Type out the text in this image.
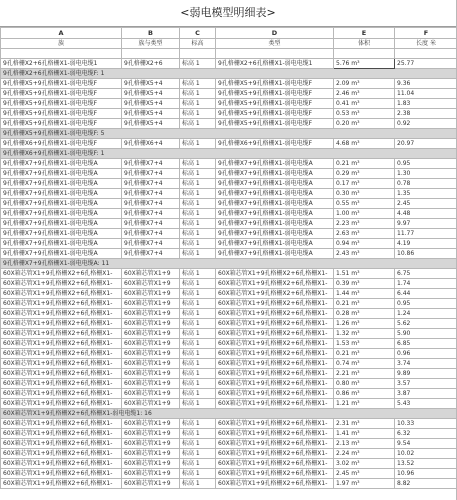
<弱电模型明细表>
A	B	C	D	E	F
族	族与类型	标高	类型	体积	长度 米

9孔格栅X2+6孔格栅X1-弱电电缆1	9孔格栅X2+6	标高 1	9孔格栅X2+6孔格栅X1-弱电电缆1	5.76 m³	25.77
9孔格栅X2+6孔格栅X1-弱电电缆F: 1					
9孔格栅X5+9孔格栅X1-弱电电缆F	9孔格栅X5+4	标高 1	9孔格栅X5+9孔格栅X1-弱电电缆F	2.09 m³	9.36
9孔格栅X5+9孔格栅X1-弱电电缆F	9孔格栅X5+4	标高 1	9孔格栅X5+9孔格栅X1-弱电电缆F	2.46 m³	11.04
9孔格栅X5+9孔格栅X1-弱电电缆F	9孔格栅X5+4	标高 1	9孔格栅X5+9孔格栅X1-弱电电缆F	0.41 m³	1.83
9孔格栅X5+9孔格栅X1-弱电电缆F	9孔格栅X5+4	标高 1	9孔格栅X5+9孔格栅X1-弱电电缆F	0.53 m³	2.38
9孔格栅X5+9孔格栅X1-弱电电缆F	9孔格栅X5+4	标高 1	9孔格栅X5+9孔格栅X1-弱电电缆F	0.20 m³	0.92
9孔格栅X5+9孔格栅X1-弱电电缆F: 5					
9孔格栅X6+9孔格栅X1-弱电电缆F	9孔格栅X6+4	标高 1	9孔格栅X6+9孔格栅X1-弱电电缆F	4.68 m³	20.97
9孔格栅X6+9孔格栅X1-弱电电缆F: 1					
9孔格栅X7+9孔格栅X1-弱电电缆A	9孔格栅X7+4	标高 1	9孔格栅X7+9孔格栅X1-弱电电缆A	0.21 m³	0.95
9孔格栅X7+9孔格栅X1-弱电电缆A	9孔格栅X7+4	标高 1	9孔格栅X7+9孔格栅X1-弱电电缆A	0.29 m³	1.30
9孔格栅X7+9孔格栅X1-弱电电缆A	9孔格栅X7+4	标高 1	9孔格栅X7+9孔格栅X1-弱电电缆A	0.17 m³	0.78
9孔格栅X7+9孔格栅X1-弱电电缆A	9孔格栅X7+4	标高 1	9孔格栅X7+9孔格栅X1-弱电电缆A	0.30 m³	1.35
9孔格栅X7+9孔格栅X1-弱电电缆A	9孔格栅X7+4	标高 1	9孔格栅X7+9孔格栅X1-弱电电缆A	0.55 m³	2.45
9孔格栅X7+9孔格栅X1-弱电电缆A	9孔格栅X7+4	标高 1	9孔格栅X7+9孔格栅X1-弱电电缆A	1.00 m³	4.48
9孔格栅X7+9孔格栅X1-弱电电缆A	9孔格栅X7+4	标高 1	9孔格栅X7+9孔格栅X1-弱电电缆A	2.23 m³	9.97
9孔格栅X7+9孔格栅X1-弱电电缆A	9孔格栅X7+4	标高 1	9孔格栅X7+9孔格栅X1-弱电电缆A	2.63 m³	11.77
9孔格栅X7+9孔格栅X1-弱电电缆A	9孔格栅X7+4	标高 1	9孔格栅X7+9孔格栅X1-弱电电缆A	0.94 m³	4.19
9孔格栅X7+9孔格栅X1-弱电电缆A	9孔格栅X7+4	标高 1	9孔格栅X7+9孔格栅X1-弱电电缆A	2.43 m³	10.86
9孔格栅X7+9孔格栅X1-弱电电缆A: 11					
60X箱芯管X1+9孔格栅X2+6孔格栅X1-	60X箱芯管X1+9	标高 1	60X箱芯管X1+9孔格栅X2+6孔格栅X1-	1.51 m³	6.75
60X箱芯管X1+9孔格栅X2+6孔格栅X1-	60X箱芯管X1+9	标高 1	60X箱芯管X1+9孔格栅X2+6孔格栅X1-	0.39 m³	1.74
60X箱芯管X1+9孔格栅X2+6孔格栅X1-	60X箱芯管X1+9	标高 1	60X箱芯管X1+9孔格栅X2+6孔格栅X1-	1.44 m³	6.44
60X箱芯管X1+9孔格栅X2+6孔格栅X1-	60X箱芯管X1+9	标高 1	60X箱芯管X1+9孔格栅X2+6孔格栅X1-	0.21 m³	0.95
60X箱芯管X1+9孔格栅X2+6孔格栅X1-	60X箱芯管X1+9	标高 1	60X箱芯管X1+9孔格栅X2+6孔格栅X1-	0.28 m³	1.24
60X箱芯管X1+9孔格栅X2+6孔格栅X1-	60X箱芯管X1+9	标高 1	60X箱芯管X1+9孔格栅X2+6孔格栅X1-	1.26 m³	5.62
60X箱芯管X1+9孔格栅X2+6孔格栅X1-	60X箱芯管X1+9	标高 1	60X箱芯管X1+9孔格栅X2+6孔格栅X1-	1.32 m³	5.90
60X箱芯管X1+9孔格栅X2+6孔格栅X1-	60X箱芯管X1+9	标高 1	60X箱芯管X1+9孔格栅X2+6孔格栅X1-	1.53 m³	6.85
60X箱芯管X1+9孔格栅X2+6孔格栅X1-	60X箱芯管X1+9	标高 1	60X箱芯管X1+9孔格栅X2+6孔格栅X1-	0.21 m³	0.96
60X箱芯管X1+9孔格栅X2+6孔格栅X1-	60X箱芯管X1+9	标高 1	60X箱芯管X1+9孔格栅X2+6孔格栅X1-	0.74 m³	3.74
60X箱芯管X1+9孔格栅X2+6孔格栅X1-	60X箱芯管X1+9	标高 1	60X箱芯管X1+9孔格栅X2+6孔格栅X1-	2.21 m³	9.89
60X箱芯管X1+9孔格栅X2+6孔格栅X1-	60X箱芯管X1+9	标高 1	60X箱芯管X1+9孔格栅X2+6孔格栅X1-	0.80 m³	3.57
60X箱芯管X1+9孔格栅X2+6孔格栅X1-	60X箱芯管X1+9	标高 1	60X箱芯管X1+9孔格栅X2+6孔格栅X1-	0.86 m³	3.87
60X箱芯管X1+9孔格栅X2+6孔格栅X1-	60X箱芯管X1+9	标高 1	60X箱芯管X1+9孔格栅X2+6孔格栅X1-	1.21 m³	5.43
60X箱芯管X1+9孔格栅X2+6孔格栅X1-弱电电缆1: 16					
60X箱芯管X1+9孔格栅X2+6孔格栅X1-	60X箱芯管X1+9	标高 1	60X箱芯管X1+9孔格栅X2+6孔格栅X1-	2.31 m³	10.33
60X箱芯管X1+9孔格栅X2+6孔格栅X1-	60X箱芯管X1+9	标高 1	60X箱芯管X1+9孔格栅X2+6孔格栅X1-	1.41 m³	6.32
60X箱芯管X1+9孔格栅X2+6孔格栅X1-	60X箱芯管X1+9	标高 1	60X箱芯管X1+9孔格栅X2+6孔格栅X1-	2.13 m³	9.54
60X箱芯管X1+9孔格栅X2+6孔格栅X1-	60X箱芯管X1+9	标高 1	60X箱芯管X1+9孔格栅X2+6孔格栅X1-	2.24 m³	10.02
60X箱芯管X1+9孔格栅X2+6孔格栅X1-	60X箱芯管X1+9	标高 1	60X箱芯管X1+9孔格栅X2+6孔格栅X1-	3.02 m³	13.52
60X箱芯管X1+9孔格栅X2+6孔格栅X1-	60X箱芯管X1+9	标高 1	60X箱芯管X1+9孔格栅X2+6孔格栅X1-	2.45 m³	10.96
60X箱芯管X1+9孔格栅X2+6孔格栅X1-	60X箱芯管X1+9	标高 1	60X箱芯管X1+9孔格栅X2+6孔格栅X1-	1.97 m³	8.82
